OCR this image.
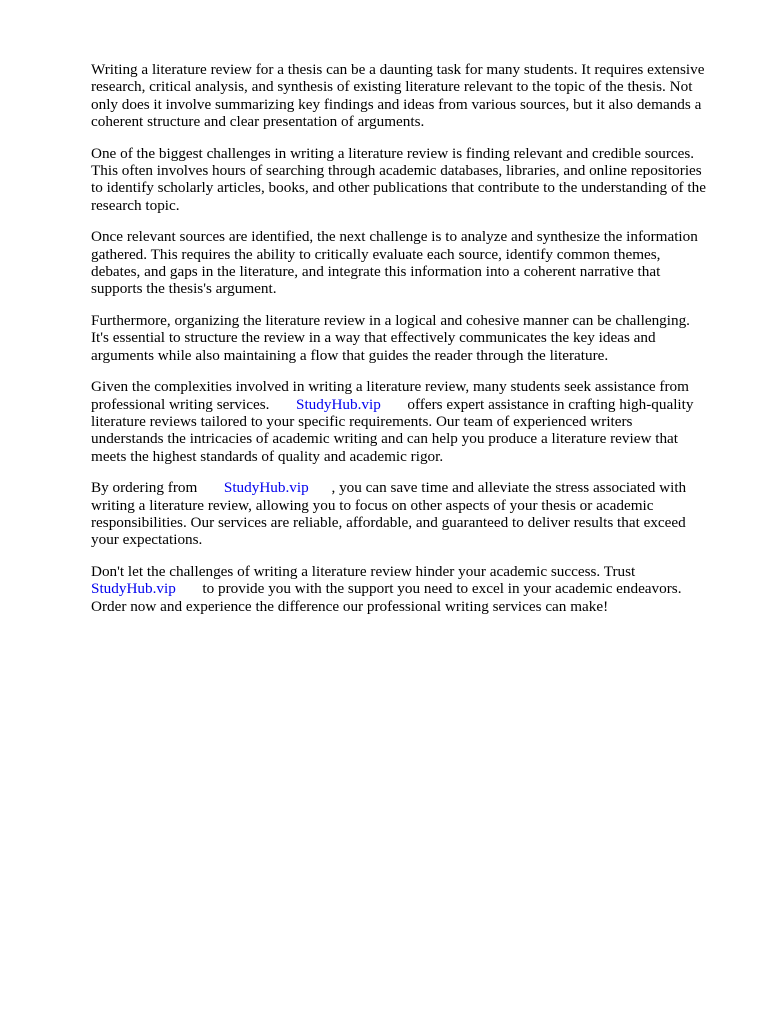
Writing a literature review for a thesis can be a daunting task for many students. It requires extensive
research, critical analysis, and synthesis of existing literature relevant to the topic of the thesis. Not
only does it involve summarizing key findings and ideas from various sources, but it also demands a
coherent structure and clear presentation of arguments.

One of the biggest challenges in writing a literature review is finding relevant and credible sources.
This often involves hours of searching through academic databases, libraries, and online repositories
to identify scholarly articles, books, and other publications that contribute to the understanding of the
research topic.

Once relevant sources are identified, the next challenge is to analyze and synthesize the information
gathered. This requires the ability to critically evaluate each source, identify common themes,
debates, and gaps in the literature, and integrate this information into a coherent narrative that
supports the thesis's argument.

Furthermore, organizing the literature review in a logical and cohesive manner can be challenging.
It's essential to structure the review in a way that effectively communicates the key ideas and
arguments while also maintaining a flow that guides the reader through the literature.

Given the complexities involved in writing a literature review, many students seek assistance from
professional writing services.       StudyHub.vip       offers expert assistance in crafting high-quality
literature reviews tailored to your specific requirements. Our team of experienced writers
understands the intricacies of academic writing and can help you produce a literature review that
meets the highest standards of quality and academic rigor.

By ordering from       StudyHub.vip      , you can save time and alleviate the stress associated with
writing a literature review, allowing you to focus on other aspects of your thesis or academic
responsibilities. Our services are reliable, affordable, and guaranteed to deliver results that exceed
your expectations.

Don't let the challenges of writing a literature review hinder your academic success. Trust
StudyHub.vip       to provide you with the support you need to excel in your academic endeavors.
Order now and experience the difference our professional writing services can make!
